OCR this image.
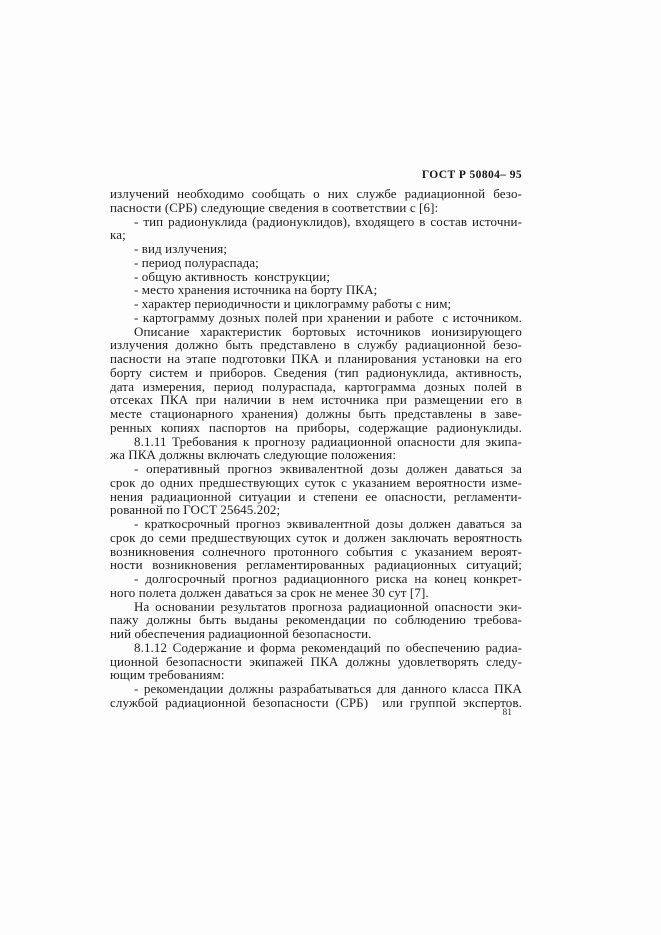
ГОСТ Р 50804– 95
излучений необходимо сообщать о них службе радиационной безо-
пасности (СРБ) следующие сведения в соответствии с [6]:
- тип радионуклида (радионуклидов), входящего в состав источни-
ка;
- вид излучения;
- период полураспада;
- общую активность  конструкции;
- место хранения источника на борту ПКА;
- характер периодичности и циклограмму работы с ним;
- картограмму дозных полей при хранении и работе  с источником.
Описание характеристик бортовых источников ионизирующего
излучения должно быть представлено в службу радиационной безо-
пасности на этапе подготовки ПКА и планирования установки на его
борту систем и приборов. Сведения (тип радионуклида, активность,
дата измерения, период полураспада, картограмма дозных полей в
отсеках ПКА при наличии в нем источника при размещении его в
месте стационарного хранения) должны быть представлены в заве-
ренных копиях паспортов на приборы, содержащие радионуклиды.
8.1.11 Требования к прогнозу радиационной опасности для экипа-
жа ПКА должны включать следующие положения:
- оперативный прогноз эквивалентной дозы должен даваться за
срок до одних предшествующих суток с указанием вероятности изме-
нения радиационной ситуации и степени ее опасности, регламенти-
рованной по ГОСТ 25645.202;
- краткосрочный прогноз эквивалентной дозы должен даваться за
срок до семи предшествующих суток и должен заключать вероятность
возникновения солнечного протонного события с указанием вероят-
ности возникновения регламентированных радиационных ситуаций;
- долгосрочный прогноз радиационного риска на конец конкрет-
ного полета должен даваться за срок не менее 30 сут [7].
На основании результатов прогноза радиационной опасности эки-
пажу должны быть выданы рекомендации по соблюдению требова-
ний обеспечения радиационной безопасности.
8.1.12 Содержание и форма рекомендаций по обеспечению радиа-
ционной безопасности экипажей ПКА должны удовлетворять следу-
ющим требованиям:
- рекомендации должны разрабатываться для данного класса ПКА
службой радиационной безопасности (СРБ)  или группой экспертов.
81
